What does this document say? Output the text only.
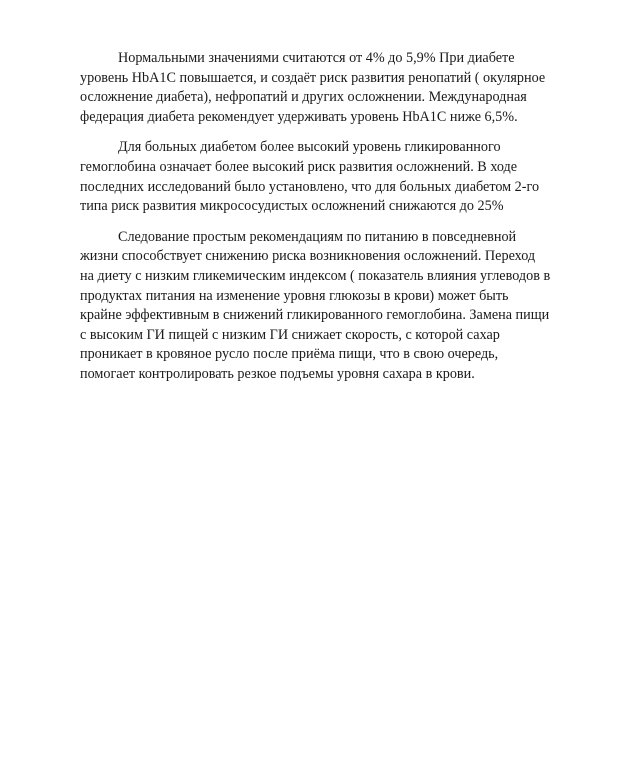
Нормальными значениями считаются от 4% до 5,9% При диабете
уровень HbA1C повышается, и создаёт риск развития ренопатий ( окулярное
осложнение диабета), нефропатий и других осложнении. Международная
федерация диабета рекомендует удерживать уровень HbA1C ниже 6,5%.
Для больных диабетом более высокий уровень гликированного
гемоглобина означает более высокий риск развития осложнений. В ходе
последних исследований было установлено, что для больных диабетом 2-го
типа риск развития микрососудистых осложнений снижаются до 25%
Следование простым рекомендациям по питанию в повседневной
жизни способствует снижению риска возникновения осложнений. Переход
на диету с низким гликемическим индексом ( показатель влияния углеводов в
продуктах питания на изменение уровня глюкозы в крови) может быть
крайне эффективным в снижений гликированного гемоглобина. Замена пищи
с высоким ГИ пищей с низким ГИ снижает скорость, с которой сахар
проникает в кровяное русло после приёма пищи, что в свою очередь,
помогает контролировать резкое подъемы уровня сахара в крови.
